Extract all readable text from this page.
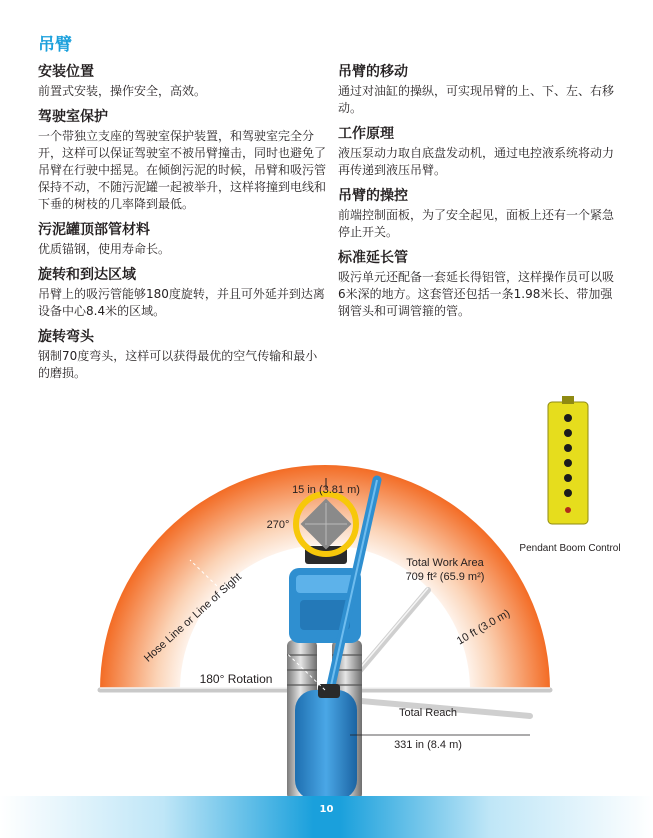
吊臂
安装位置

前置式安装，操作安全，高效。

驾驶室保护

一个带独立支座的驾驶室保护装置，和驾驶室完全分开，这样可以保证驾驶室不被吊臂撞击，同时也避免了吊臂在行驶中摇晃。在倾倒污泥的时候，吊臂和吸污管保持不动，不随污泥罐一起被举升，这样将撞到电线和下垂的树枝的几率降到最低。

污泥罐顶部管材料

优质锚钢，使用寿命长。

旋转和到达区域

吊臂上的吸污管能够180度旋转，并且可外延并到达离设备中心8.4米的区域。

旋转弯头

钢制70度弯头，这样可以获得最优的空气传输和最小的磨损。

吊臂的移动

通过对油缸的操纵，可实现吊臂的上、下、左、右移动。

工作原理

液压泵动力取自底盘发动机，通过电控液系统将动力再传递到液压吊臂。

吊臂的操控

前端控制面板，为了安全起见，面板上还有一个紧急停止开关。

标准延长管

吸污单元还配备一套延长得铝管，这样操作员可以吸6米深的地方。这套管还包括一条1.98米长、带加强钢管头和可调管箍的管。

15 in (3.81 m)
270°
Total Work Area
709 ft² (65.9 m²)
10 ft (3.0 m)
Hose Line or Line of Sight
180° Rotation
Total Reach
331 in (8.4 m)
Pendant Boom Control
10
